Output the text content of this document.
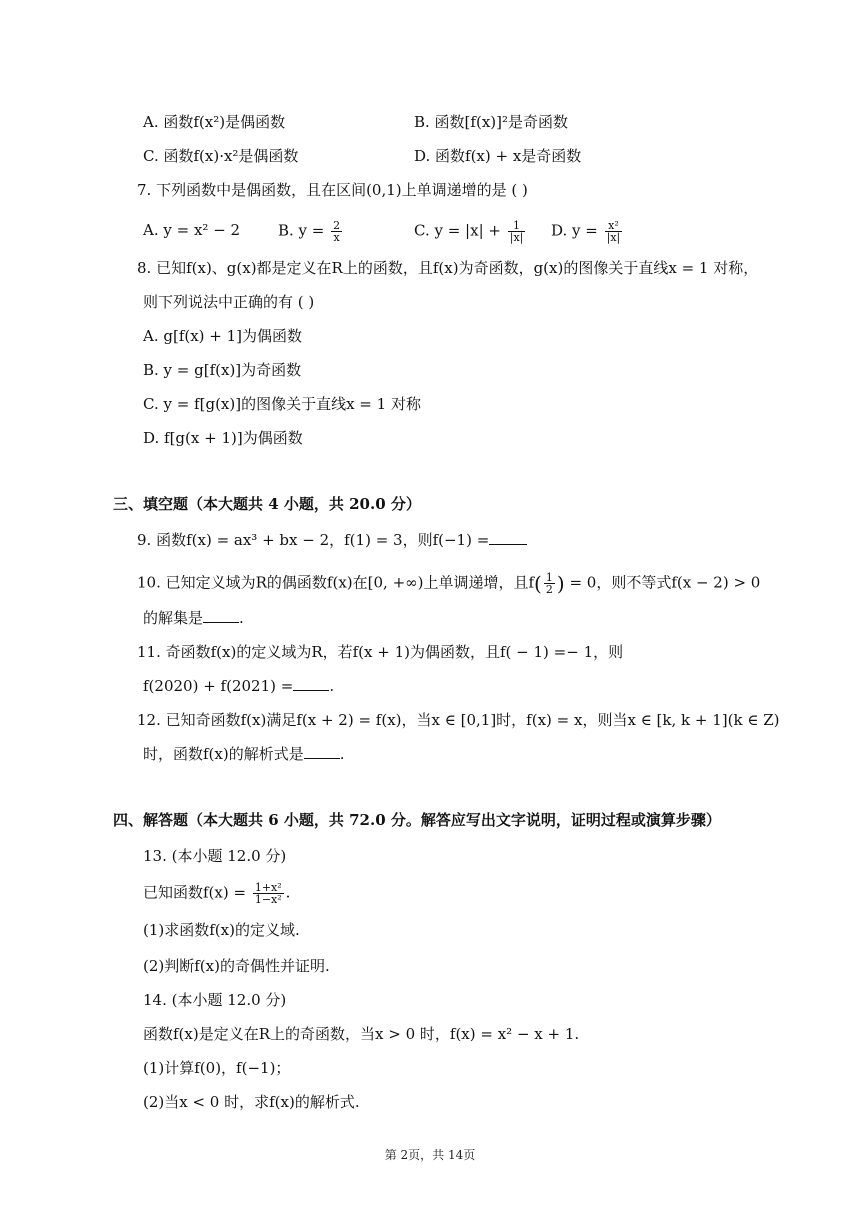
A. 函数f(x²)是偶函数	B. 函数[f(x)]²是奇函数
C. 函数f(x)·x²是偶函数	D. 函数f(x) + x是奇函数
7. 下列函数中是偶函数，且在区间(0,1)上单调递增的是 ( )
A. y = x² − 2	B. $y = \frac{2}{x}$	C. $y = |x| + \frac{1}{|x|} D$. $y = \frac{\text{x²}}{|x|}$
8. 已知f(x)、g(x)都是定义在R上的函数，且f(x)为奇函数，g(x)的图像关于直线x = 1 对称，
则下列说法中正确的有 ( )
A. g[f(x) + 1]为偶函数
B. y = g[f(x)]为奇函数
C. y = f[g(x)]的图像关于直线x = 1 对称
D. f[g(x + 1)]为偶函数
三、填空题（本大题共 4 小题，共 20.0 分）
9. 函数f(x) = ax³ + bx − 2，f(1) = 3，则f(−1) =
10. 已知定义域为R的偶函数f(x)在[0, +∞)上单调递增，且$f( \frac{1}{2}$ ) = 0，则不等式f(x − 2) > 0
的解集是 .
11. 奇函数f(x)的定义域为R，若f(x + 1)为偶函数，且f( − 1) =− 1，则
f(2020) + f(2021) = .
12. 已知奇函数f(x)满足f(x + 2) = f(x)，当x ∈ [0,1]时，f(x) = x，则当x ∈ [k, k + 1](k ∈ Z)
时，函数f(x)的解析式是 .
四、解答题（本大题共 6 小题，共 72.0 分。解答应写出文字说明，证明过程或演算步骤）
13. (本小题 12.0 分)
已知函数$f(x) = \frac{\text{1+x²}}{\text{1−x²}}$ .
(1)求函数f(x)的定义域.
(2)判断f(x)的奇偶性并证明.
14. (本小题 12.0 分)
函数f(x)是定义在R上的奇函数，当x > 0 时，f(x) = x² − x + 1.
(1)计算f(0)，f(−1)；
(2)当x < 0 时，求f(x)的解析式.
第 2页，共 14页
